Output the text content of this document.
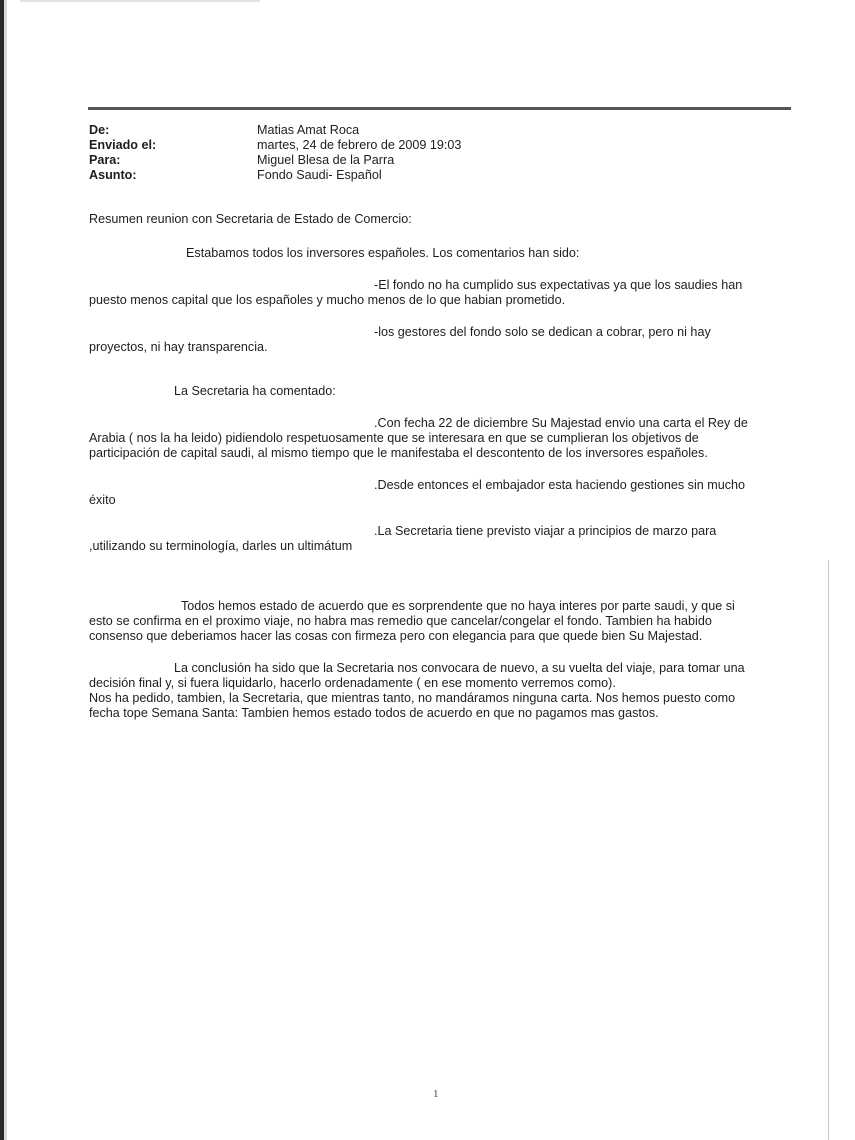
De:	Matias Amat Roca
Enviado el:	martes, 24 de febrero de 2009 19:03
Para:	Miguel Blesa de la Parra
Asunto:	Fondo Saudi- Español
Resumen reunion con Secretaria de Estado de Comercio:
Estabamos todos los inversores españoles. Los comentarios han sido:
-El fondo no ha cumplido sus expectativas ya que los saudies han
puesto menos capital que los españoles y mucho menos de lo que habian prometido.
-los gestores del fondo solo se dedican a cobrar, pero ni hay
proyectos, ni hay transparencia.
La Secretaria ha comentado:
.Con fecha 22 de diciembre Su Majestad envio una carta el Rey de
Arabia ( nos la ha leido) pidiendolo respetuosamente que se interesara en que se cumplieran los objetivos de
participación de capital saudi, al mismo tiempo que le manifestaba el descontento de los inversores españoles.
.Desde entonces el embajador esta haciendo gestiones sin mucho
éxito
.La Secretaria tiene previsto viajar a principios de marzo para
,utilizando su terminología, darles un ultimátum
Todos hemos estado de acuerdo que es sorprendente que no haya interes por parte saudi, y que si
esto se confirma en el proximo viaje, no habra mas remedio que cancelar/congelar el fondo. Tambien ha habido
consenso que deberiamos hacer las cosas con firmeza pero con elegancia para que quede bien Su Majestad.
La conclusión ha sido que la Secretaria nos convocara de nuevo, a su vuelta del viaje, para tomar una
decisión final y, si fuera liquidarlo, hacerlo ordenadamente ( en ese momento verremos como).
Nos ha pedido, tambien, la Secretaria, que mientras tanto, no mandáramos ninguna carta. Nos hemos puesto como
fecha tope Semana Santa: Tambien hemos estado todos de acuerdo en que no pagamos mas gastos.
1
